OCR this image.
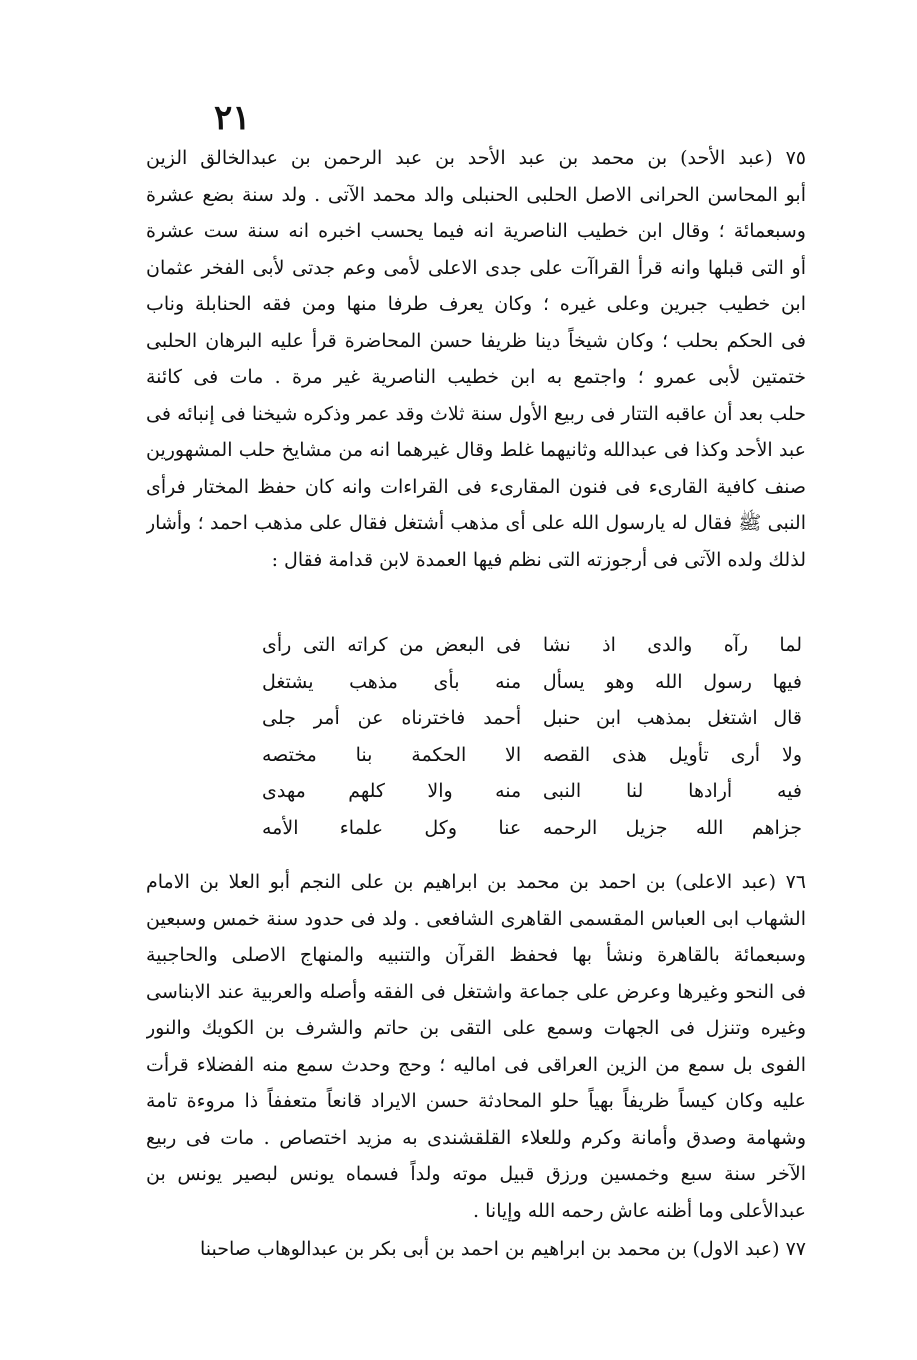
٢١
٧٥ (عبد الأحد) بن محمد بن عبد الأحد بن عبد الرحمن بن عبدالخالق الزين
أبو المحاسن الحرانى الاصل الحلبى الحنبلى والد محمد الآتى . ولد سنة بضع عشرة
وسبعمائة ؛ وقال ابن خطيب الناصرية انه فيما يحسب اخبره انه سنة ست عشرة
أو التى قبلها وانه قرأ القراآت على جدى الاعلى لأمى وعم جدتى لأبى الفخر عثمان
ابن خطيب جبرين وعلى غيره ؛ وكان يعرف طرفا منها ومن فقه الحنابلة وناب
فى الحكم بحلب ؛ وكان شيخاً دينا ظريفا حسن المحاضرة قرأ عليه البرهان الحلبى
ختمتين لأبى عمرو ؛ واجتمع به ابن خطيب الناصرية غير مرة . مات فى كائنة
حلب بعد أن عاقبه التتار فى ربيع الأول سنة ثلاث وقد عمر وذكره شيخنا فى إنبائه فى
عبد الأحد وكذا فى عبدالله وثانيهما غلط وقال غيرهما انه من مشايخ حلب المشهورين
صنف كافية القارىء فى فنون المقارىء فى القراءات وانه كان حفظ المختار فرأى
النبى ﷺ فقال له يارسول الله على أى مذهب أشتغل فقال على مذهب احمد ؛ وأشار
لذلك ولده الآتى فى أرجوزته التى نظم فيها العمدة لابن قدامة فقال :
لما رآه والدى اذ نشا
فى البعض من كراته التى رأى
فيها رسول الله وهو يسأل
منه بأى مذهب يشتغل
قال اشتغل بمذهب ابن حنبل
أحمد فاخترناه عن أمر جلى
ولا أرى تأويل هذى القصه
الا الحكمة بنا مختصه
فيه أرادها لنا النبى
منه والا كلهم مهدى
جزاهم الله جزيل الرحمه
عنا وكل علماء الأمه
٧٦ (عبد الاعلى) بن احمد بن محمد بن ابراهيم بن على النجم أبو العلا بن الامام
الشهاب ابى العباس المقسمى القاهرى الشافعى . ولد فى حدود سنة خمس وسبعين
وسبعمائة بالقاهرة ونشأ بها فحفظ القرآن والتنبيه والمنهاج الاصلى والحاجبية
فى النحو وغيرها وعرض على جماعة واشتغل فى الفقه وأصله والعربية عند الابناسى
وغيره وتنزل فى الجهات وسمع على التقى بن حاتم والشرف بن الكويك والنور
الفوى بل سمع من الزين العراقى فى اماليه ؛ وحج وحدث سمع منه الفضلاء قرأت
عليه وكان كيساً ظريفاً بهياً حلو المحادثة حسن الايراد قانعاً متعففاً ذا مروءة تامة
وشهامة وصدق وأمانة وكرم وللعلاء القلقشندى به مزيد اختصاص . مات فى ربيع
الآخر سنة سبع وخمسين ورزق قبيل موته ولداً فسماه يونس لبصير يونس بن
عبدالأعلى وما أظنه عاش رحمه الله وإيانا .
٧٧ (عبد الاول) بن محمد بن ابراهيم بن احمد بن أبى بكر بن عبدالوهاب صاحبنا
